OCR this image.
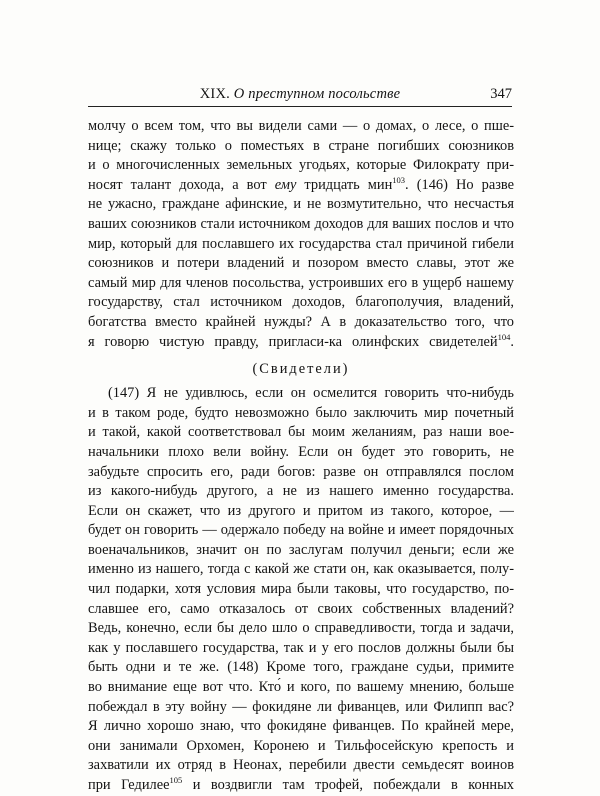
XIX. О преступном посольстве	347
молчу о всем том, что вы видели сами — о домах, о лесе, о пше-
нице; скажу только о поместьях в стране погибших союзников
и о многочисленных земельных угодьях, которые Филократу при-
носят талант дохода, а вот ему тридцать мин$^{103}$. (146) Но разве
не ужасно, граждане афинские, и не возмутительно, что несчастья
ваших союзников стали источником доходов для ваших послов и что
мир, который для пославшего их государства стал причиной гибели
союзников и потери владений и позором вместо славы, этот же
самый мир для членов посольства, устроивших его в ущерб нашему
государству, стал источником доходов, благополучия, владений,
богатства вместо крайней нужды? А в доказательство того, что
я говорю чистую правду, пригласи-ка олинфских свидетелей$^{104}$.
(Свидетели)
(147) Я не удивлюсь, если он осмелится говорить что-нибудь
и в таком роде, будто невозможно было заключить мир почетный
и такой, какой соответствовал бы моим желаниям, раз наши вое-
начальники плохо вели войну. Если он будет это говорить, не
забудьте спросить его, ради богов: разве он отправлялся послом
из какого-нибудь другого, а не из нашего именно государства.
Если он скажет, что из другого и притом из такого, которое, —
будет он говорить — одержало победу на войне и имеет порядочных
военачальников, значит он по заслугам получил деньги; если же
именно из нашего, тогда с какой же стати он, как оказывается, полу-
чил подарки, хотя условия мира были таковы, что государство, по-
славшее его, само отказалось от своих собственных владений?
Ведь, конечно, если бы дело шло о справедливости, тогда и задачи,
как у пославшего государства, так и у его послов должны были бы
быть одни и те же. (148) Кроме того, граждане судьи, примите
во внимание еще вот что. Кто́ и кого, по вашему мнению, больше
побеждал в эту войну — фокидяне ли фиванцев, или Филипп вас?
Я лично хорошо знаю, что фокидяне фиванцев. По крайней мере,
они занимали Орхомен, Коронею и Тильфосейскую крепость и
захватили их отряд в Неонах, перебили двести семьдесят воинов
при Гедилее$^{105}$ и воздвигли там трофей, побеждали в конных
